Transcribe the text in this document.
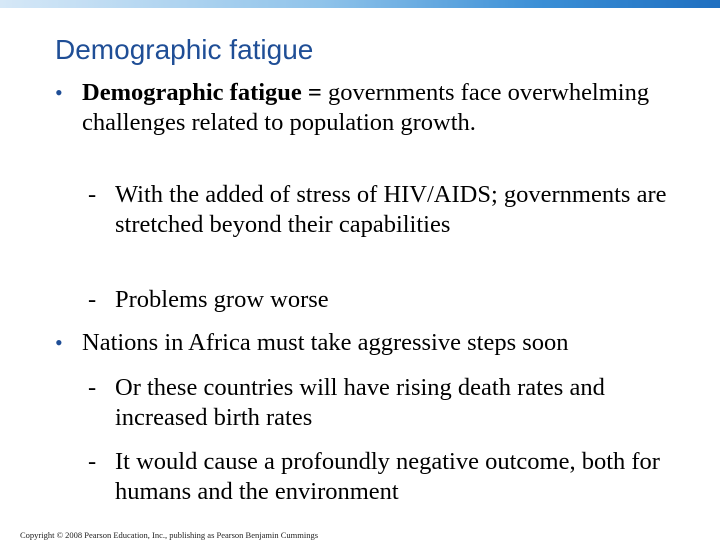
Demographic fatigue
• Demographic fatigue = governments face overwhelming challenges related to population growth.
- With the added of stress of HIV/AIDS; governments are stretched beyond their capabilities
- Problems grow worse
• Nations in Africa must take aggressive steps soon
- Or these countries will have rising death rates and increased birth rates
- It would cause a profoundly negative outcome, both for humans and the environment
Copyright © 2008 Pearson Education, Inc., publishing as Pearson Benjamin Cummings
